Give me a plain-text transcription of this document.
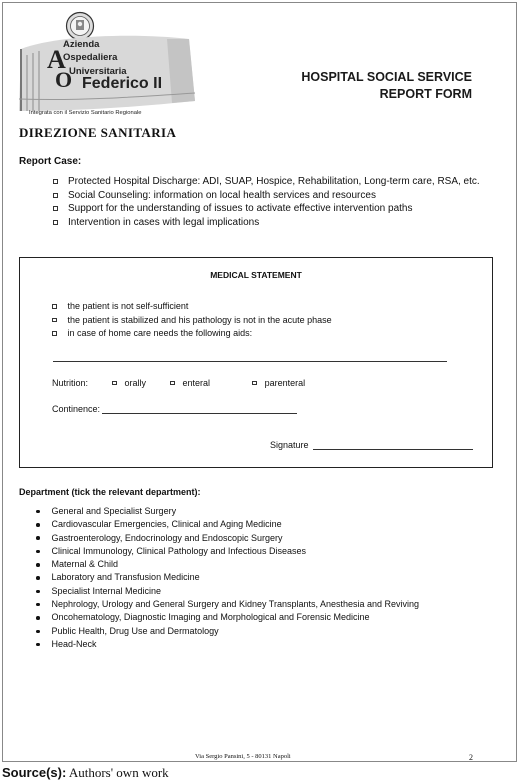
Azienda
A
Ospedaliera
O
Universitaria
Federico II
Integrata con il Servizio Sanitario Regionale
HOSPITAL SOCIAL SERVICE
REPORT FORM
DIREZIONE SANITARIA
Report Case:
Protected Hospital Discharge: ADI, SUAP, Hospice, Rehabilitation, Long-term care, RSA, etc.
Social Counseling: information on local health services and resources
Support for the understanding of issues to activate effective intervention paths
Intervention in cases with legal implications
MEDICAL STATEMENT
the patient is not self-sufficient
the patient is stabilized and his pathology is not in the acute phase
in case of home care needs the following aids:
Nutrition:	orally	enteral	parenteral
Continence:
Signature
Department (tick the relevant department):
General and Specialist Surgery
Cardiovascular Emergencies, Clinical and Aging Medicine
Gastroenterology, Endocrinology and Endoscopic Surgery
Clinical Immunology, Clinical Pathology and Infectious Diseases
Maternal & Child
Laboratory and Transfusion Medicine
Specialist Internal Medicine
Nephrology, Urology and General Surgery and Kidney Transplants, Anesthesia and Reviving
Oncohematology, Diagnostic Imaging and Morphological and Forensic Medicine
Public Health, Drug Use and Dermatology
Head-Neck
Via Sergio Pansini, 5 - 80131 Napoli	2
Source(s): Authors' own work
